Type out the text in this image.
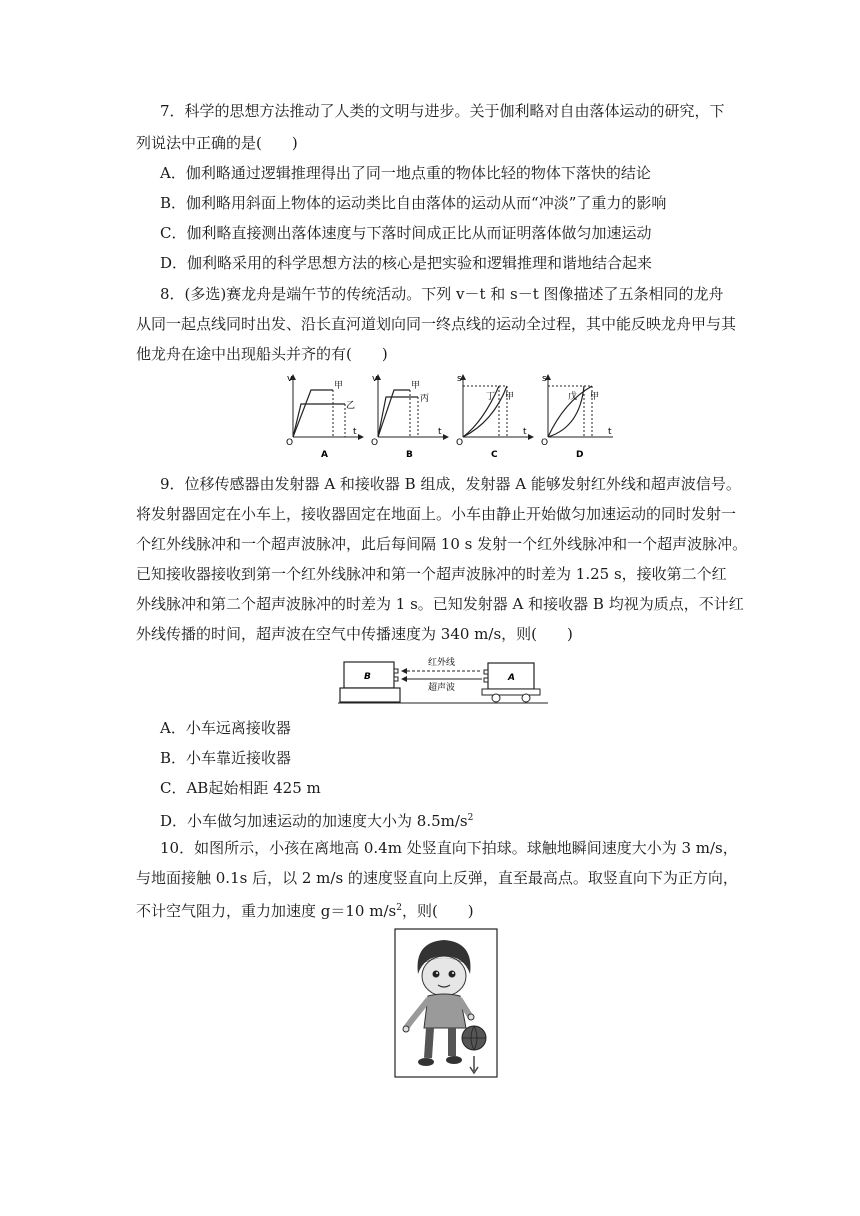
7．科学的思想方法推动了人类的文明与进步。关于伽利略对自由落体运动的研究，下
列说法中正确的是(　　)
A．伽利略通过逻辑推理得出了同一地点重的物体比轻的物体下落快的结论
B．伽利略用斜面上物体的运动类比自由落体的运动从而“冲淡”了重力的影响
C．伽利略直接测出落体速度与下落时间成正比从而证明落体做匀加速运动
D．伽利略采用的科学思想方法的核心是把实验和逻辑推理和谐地结合起来
8．(多选)赛龙舟是端午节的传统活动。下列 v－t 和 s－t 图像描述了五条相同的龙舟
从同一起点线同时出发、沿长直河道划向同一终点线的运动全过程，其中能反映龙舟甲与其
他龙舟在途中出现船头并齐的有(　　)
v
t
O
甲
乙
A
v
t
O
甲
丙
B
s
t
O
丁 甲
C
s
t
O
戊 甲
D
9．位移传感器由发射器 A 和接收器 B 组成，发射器 A 能够发射红外线和超声波信号。
将发射器固定在小车上，接收器固定在地面上。小车由静止开始做匀加速运动的同时发射一
个红外线脉冲和一个超声波脉冲，此后每间隔 10 s 发射一个红外线脉冲和一个超声波脉冲。
已知接收器接收到第一个红外线脉冲和第一个超声波脉冲的时差为 1.25 s，接收第二个红
外线脉冲和第二个超声波脉冲的时差为 1 s。已知发射器 A 和接收器 B 均视为质点，不计红
外线传播的时间，超声波在空气中传播速度为 340 m/s，则(　　)
B	A
红外线
超声波
A．小车远离接收器
B．小车靠近接收器
C．AB起始相距 425 m
D．小车做匀加速运动的加速度大小为 $8.5m/s^2$
10．如图所示，小孩在离地高 0.4m 处竖直向下拍球。球触地瞬间速度大小为 3 m/s，
与地面接触 0.1s 后，以 2 m/s 的速度竖直向上反弹，直至最高点。取竖直向下为正方向，
不计空气阻力，重力加速度 g＝10 $m/s^2$，则(　　)
